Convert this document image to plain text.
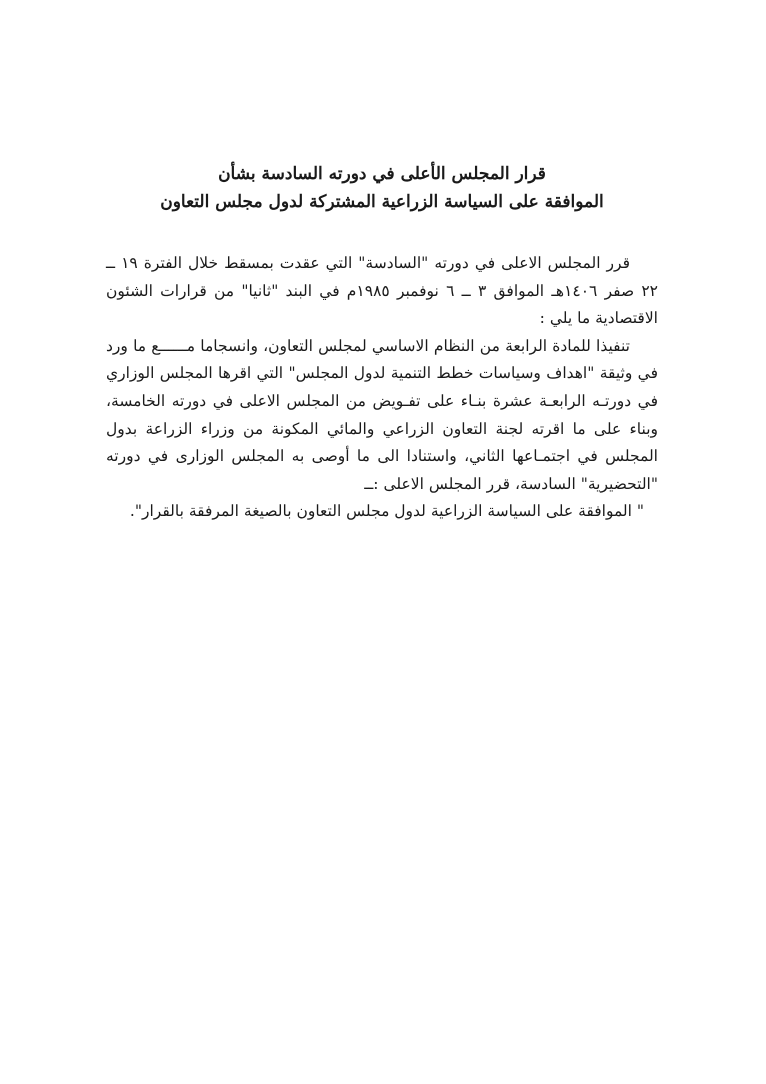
قرار المجلس الأعلى في دورته السادسة بشأن
الموافقة على السياسة الزراعية المشتركة لدول مجلس التعاون

قرر المجلس الاعلى في دورته "السادسة" التي عقدت بمسقط خلال الفترة ١٩ ــ ٢٢ صفر ١٤٠٦هـ الموافق ٣ ــ ٦ نوفمبر ١٩٨٥م في البند "ثانيا" من قرارات الشئون الاقتصادية ما يلي :

تنفيذا للمادة الرابعة من النظام الاساسي لمجلس التعاون، وانسجاما مــــــع ما ورد في وثيقة "اهداف وسياسات خطط التنمية لدول المجلس" التي اقرها المجلس الوزاري في دورتـه الرابعـة عشرة بنـاء على تفـويض من المجلس الاعلى في دورته الخامسة، وبناء على ما اقرته لجنة التعاون الزراعي والمائي المكونة من وزراء الزراعة بدول المجلس في اجتمـاعها الثاني، واستنادا الى ما أوصى به المجلس الوزارى في دورته "التحضيرية" السادسة، قرر المجلس الاعلى :ــ

" الموافقة على السياسة الزراعية لدول مجلس التعاون بالصيغة المرفقة بالقرار".
